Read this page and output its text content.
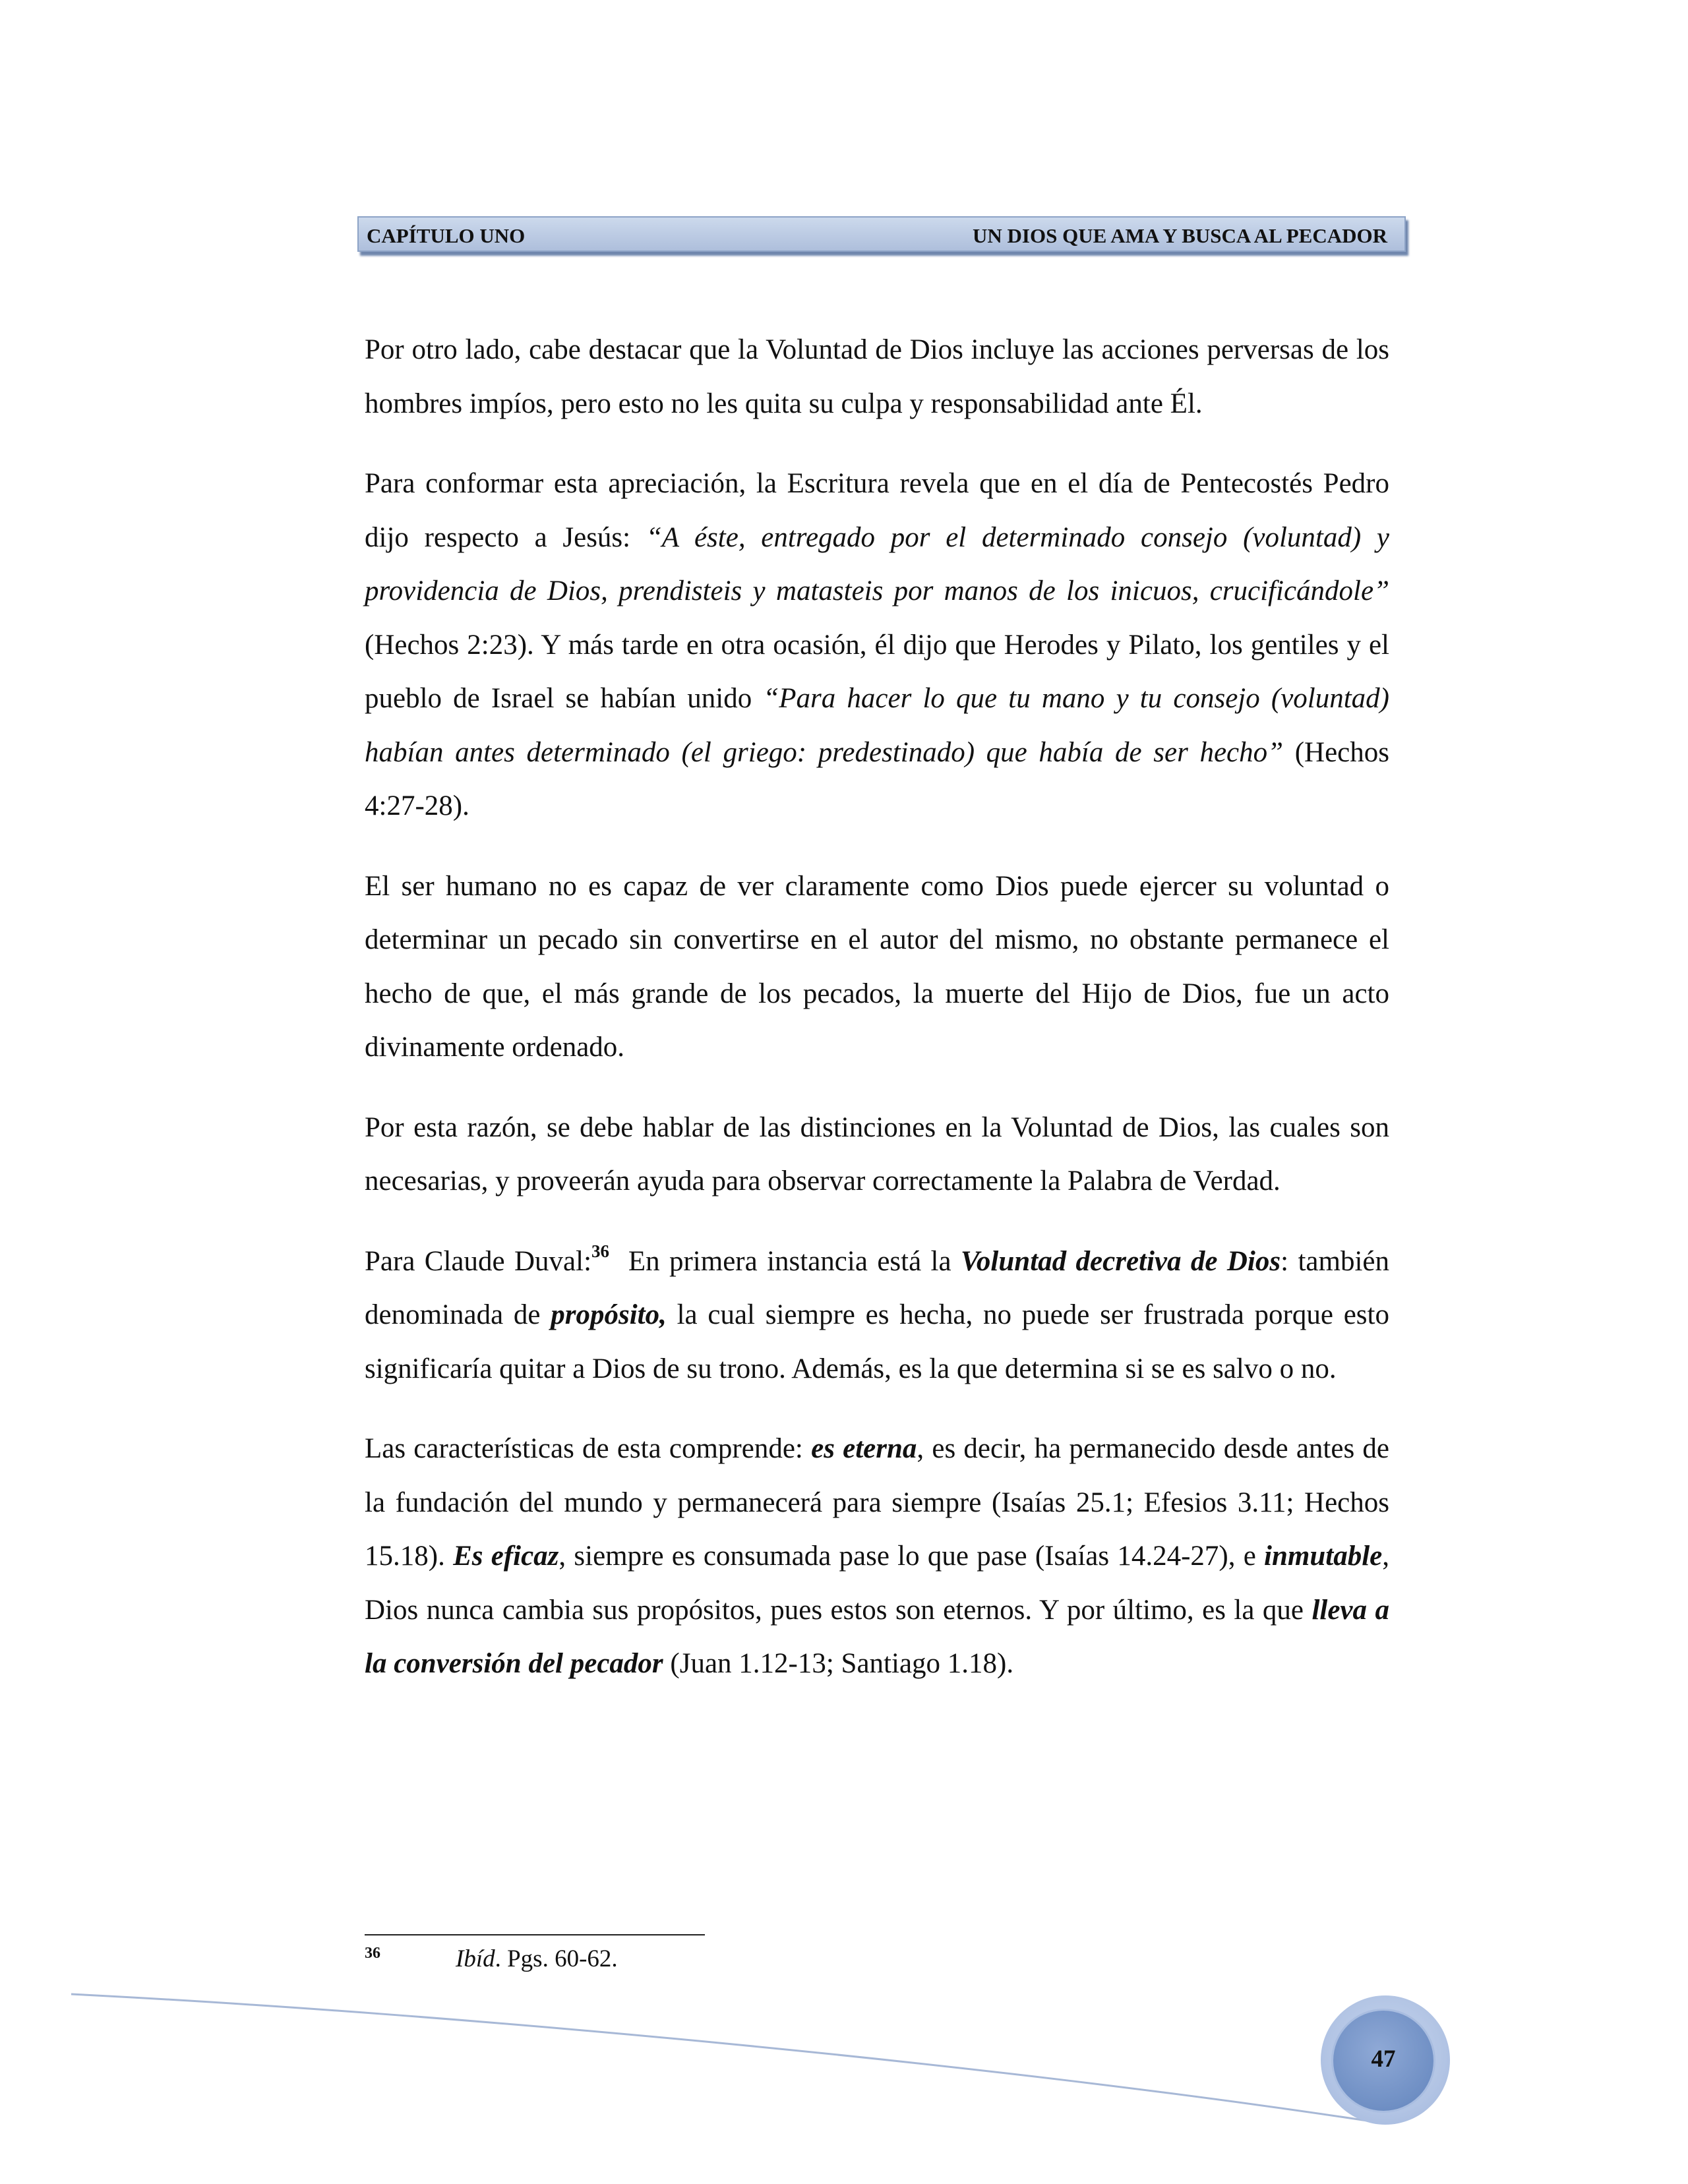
CAPÍTULO UNO	UN DIOS QUE AMA Y BUSCA AL PECADOR

Por otro lado, cabe destacar que la Voluntad de Dios incluye las acciones perversas de los hombres impíos, pero esto no les quita su culpa y responsabilidad ante Él.

Para conformar esta apreciación, la Escritura revela que en el día de Pentecostés Pedro dijo respecto a Jesús: “A éste, entregado por el determinado consejo (voluntad) y providencia de Dios, prendisteis y matasteis por manos de los inicuos, crucificándole” (Hechos 2:23). Y más tarde en otra ocasión, él dijo que Herodes y Pilato, los gentiles y el pueblo de Israel se habían unido “Para hacer lo que tu mano y tu consejo (voluntad) habían antes determinado (el griego: predestinado) que había de ser hecho” (Hechos 4:27-28).

El ser humano no es capaz de ver claramente como Dios puede ejercer su voluntad o determinar un pecado sin convertirse en el autor del mismo, no obstante permanece el hecho de que, el más grande de los pecados, la muerte del Hijo de Dios, fue un acto divinamente ordenado.

Por esta razón, se debe hablar de las distinciones en la Voluntad de Dios, las cuales son necesarias, y proveerán ayuda para observar correctamente la Palabra de Verdad.

Para Claude Duval:$^{36}$  En primera instancia está la Voluntad decretiva de Dios: también denominada de propósito, la cual siempre es hecha, no puede ser frustrada porque esto significaría quitar a Dios de su trono. Además, es la que determina si se es salvo o no.

Las características de esta comprende: es eterna, es decir, ha permanecido desde antes de la fundación del mundo y permanecerá para siempre (Isaías 25.1; Efesios 3.11; Hechos 15.18). Es eficaz, siempre es consumada pase lo que pase (Isaías 14.24-27), e inmutable, Dios nunca cambia sus propósitos, pues estos son eternos. Y por último, es la que lleva a la conversión del pecador (Juan 1.12-13; Santiago 1.18).

36	Ibíd. Pgs. 60-62.
47
